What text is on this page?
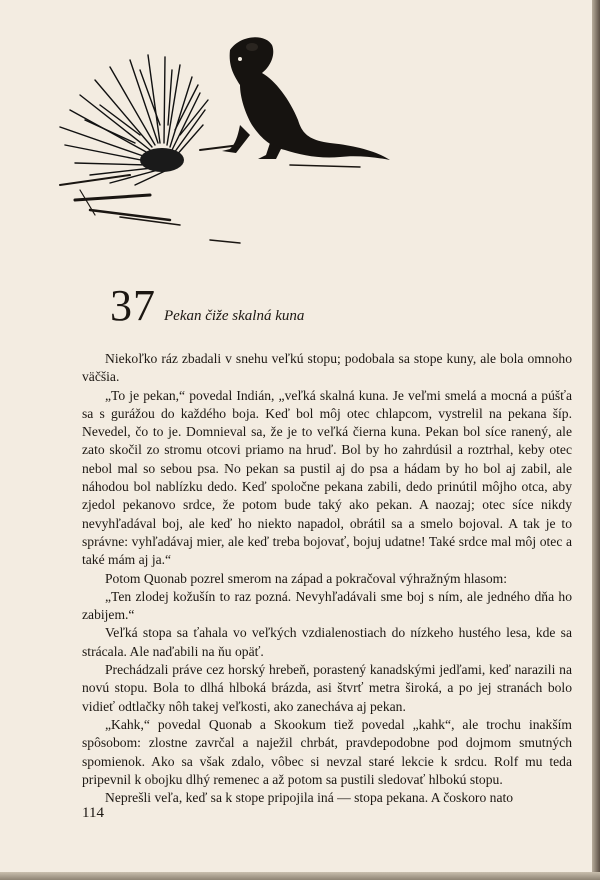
37 Pekan čiže skalná kuna

Niekoľko ráz zbadali v snehu veľkú stopu; podobala sa stope kuny, ale bola omnoho väčšia.

„To je pekan,“ povedal Indián, „veľká skalná kuna. Je veľmi smelá a mocná a púšťa sa s gurážou do každého boja. Keď bol môj otec chlapcom, vystrelil na pekana šíp. Nevedel, čo to je. Domnieval sa, že je to veľká čierna kuna. Pekan bol síce ranený, ale zato skočil zo stromu otcovi priamo na hruď. Bol by ho zahrdúsil a roztrhal, keby otec nebol mal so sebou psa. No pekan sa pustil aj do psa a hádam by ho bol aj zabil, ale náhodou bol nablízku dedo. Keď spoločne pekana zabili, dedo prinútil môjho otca, aby zjedol pekanovo srdce, že potom bude taký ako pekan. A naozaj; otec síce nikdy nevyhľadával boj, ale keď ho niekto napadol, obrátil sa a smelo bojoval. A tak je to správne: vyhľadávaj mier, ale keď treba bojovať, bojuj udatne! Také srdce mal môj otec a také mám aj ja.“

Potom Quonab pozrel smerom na západ a pokračoval výhražným hlasom:

„Ten zlodej kožušín to raz pozná. Nevyhľadávali sme boj s ním, ale jedného dňa ho zabijem.“

Veľká stopa sa ťahala vo veľkých vzdialenostiach do nízkeho hustého lesa, kde sa strácala. Ale naďabili na ňu opäť.

Prechádzali práve cez horský hrebeň, porastený kanadskými jedľami, keď narazili na novú stopu. Bola to dlhá hlboká brázda, asi štvrť metra široká, a po jej stranách bolo vidieť odtlačky nôh takej veľkosti, ako zanecháva aj pekan.

„Kahk,“ povedal Quonab a Skookum tiež povedal „kahk“, ale trochu inakším spôsobom: zlostne zavrčal a naježil chrbát, pravdepodobne pod dojmom smutných spomienok. Ako sa však zdalo, vôbec si nevzal staré lekcie k srdcu. Rolf mu teda pripevnil k obojku dlhý remenec a až potom sa pustili sledovať hlbokú stopu.

Neprešli veľa, keď sa k stope pripojila iná — stopa pekana. A čoskoro nato

114
